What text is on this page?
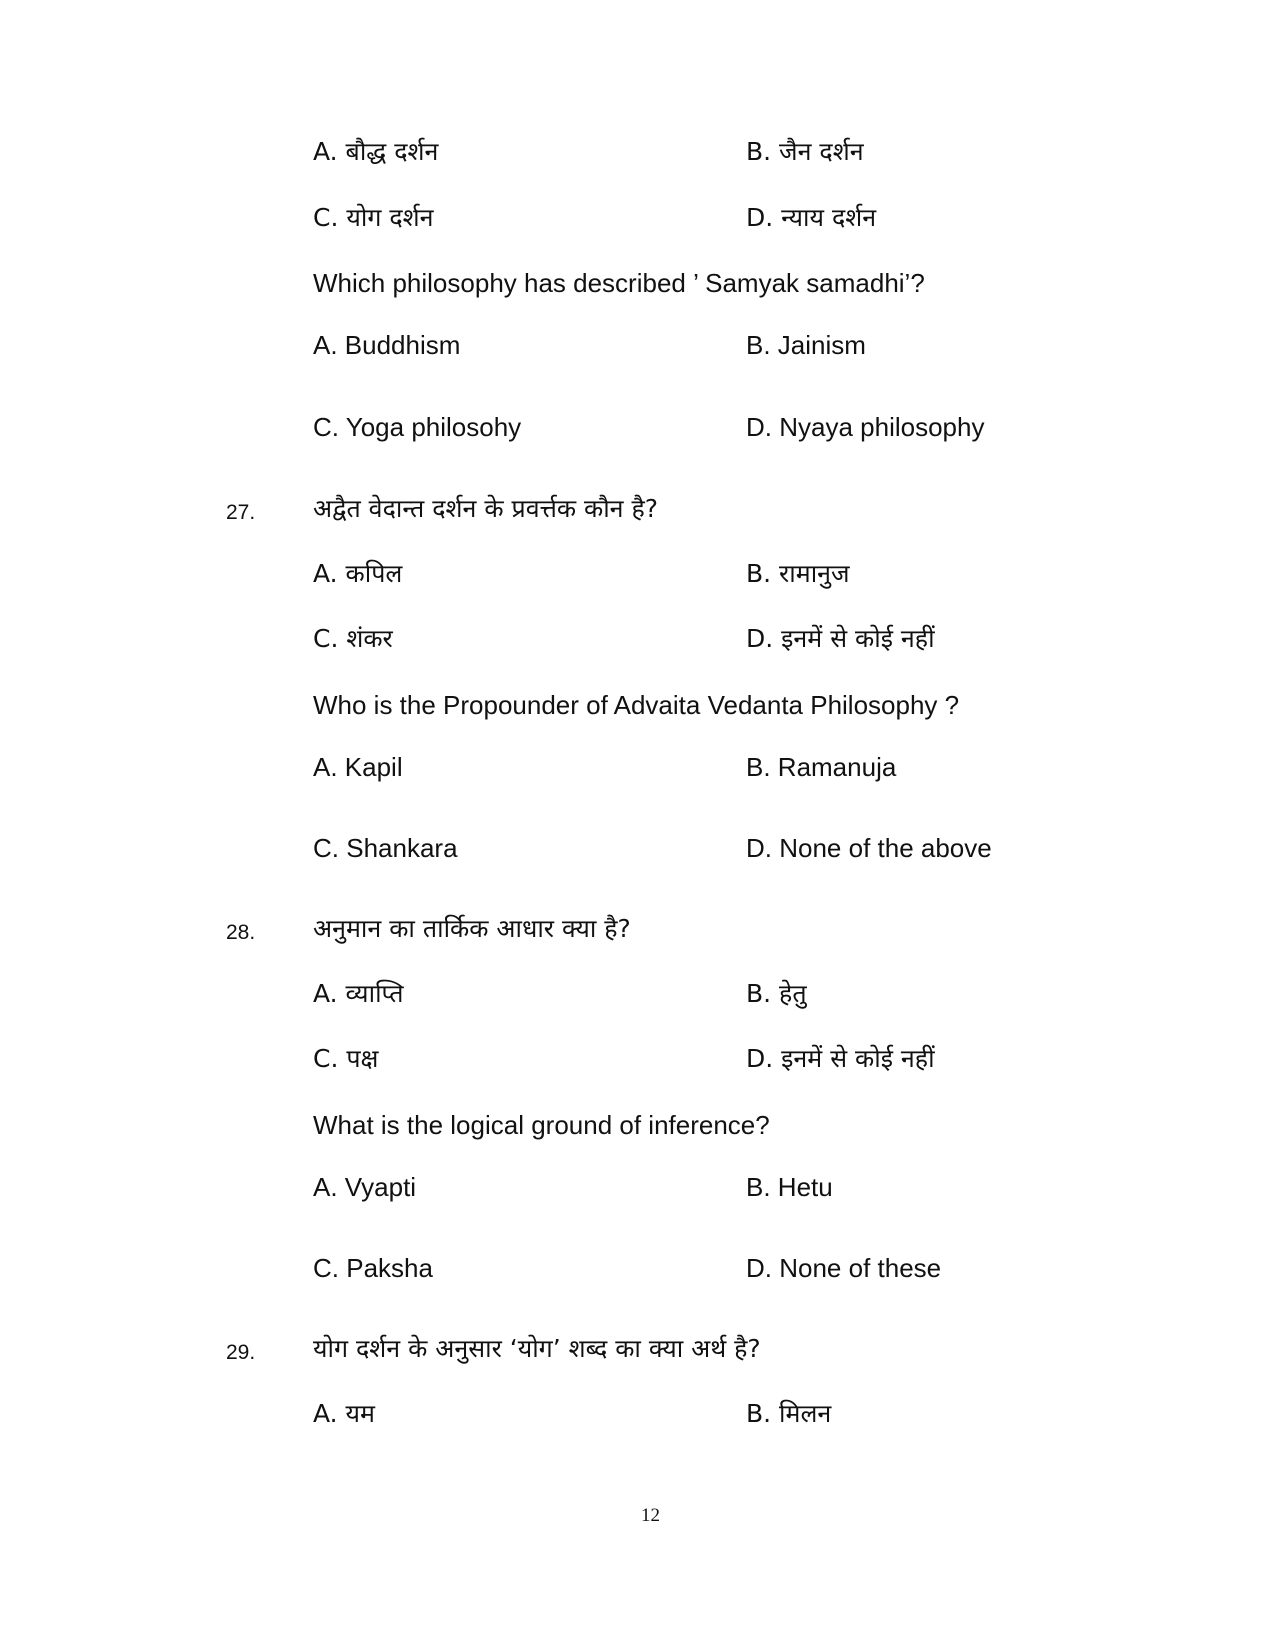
A. बौद्ध दर्शन	B. जैन दर्शन
C. योग दर्शन	D. न्याय दर्शन
Which philosophy has described ’ Samyak samadhi’?
A. Buddhism	B. Jainism
C. Yoga philosohy	D. Nyaya philosophy
27. अद्वैत वेदान्त दर्शन के प्रवर्त्तक कौन है?
A. कपिल	B. रामानुज
C. शंकर	D. इनमें से कोई नहीं
Who is the Propounder of Advaita Vedanta Philosophy ?
A. Kapil	B. Ramanuja
C. Shankara	D. None of the above
28. अनुमान का तार्किक आधार क्या है?
A. व्याप्ति	B. हेतु
C. पक्ष	D. इनमें से कोई नहीं
What is the logical ground of inference?
A. Vyapti	B. Hetu
C. Paksha	D. None of these
29. योग दर्शन के अनुसार ‘योग’ शब्द का क्या अर्थ है?
A. यम	B. मिलन
12
